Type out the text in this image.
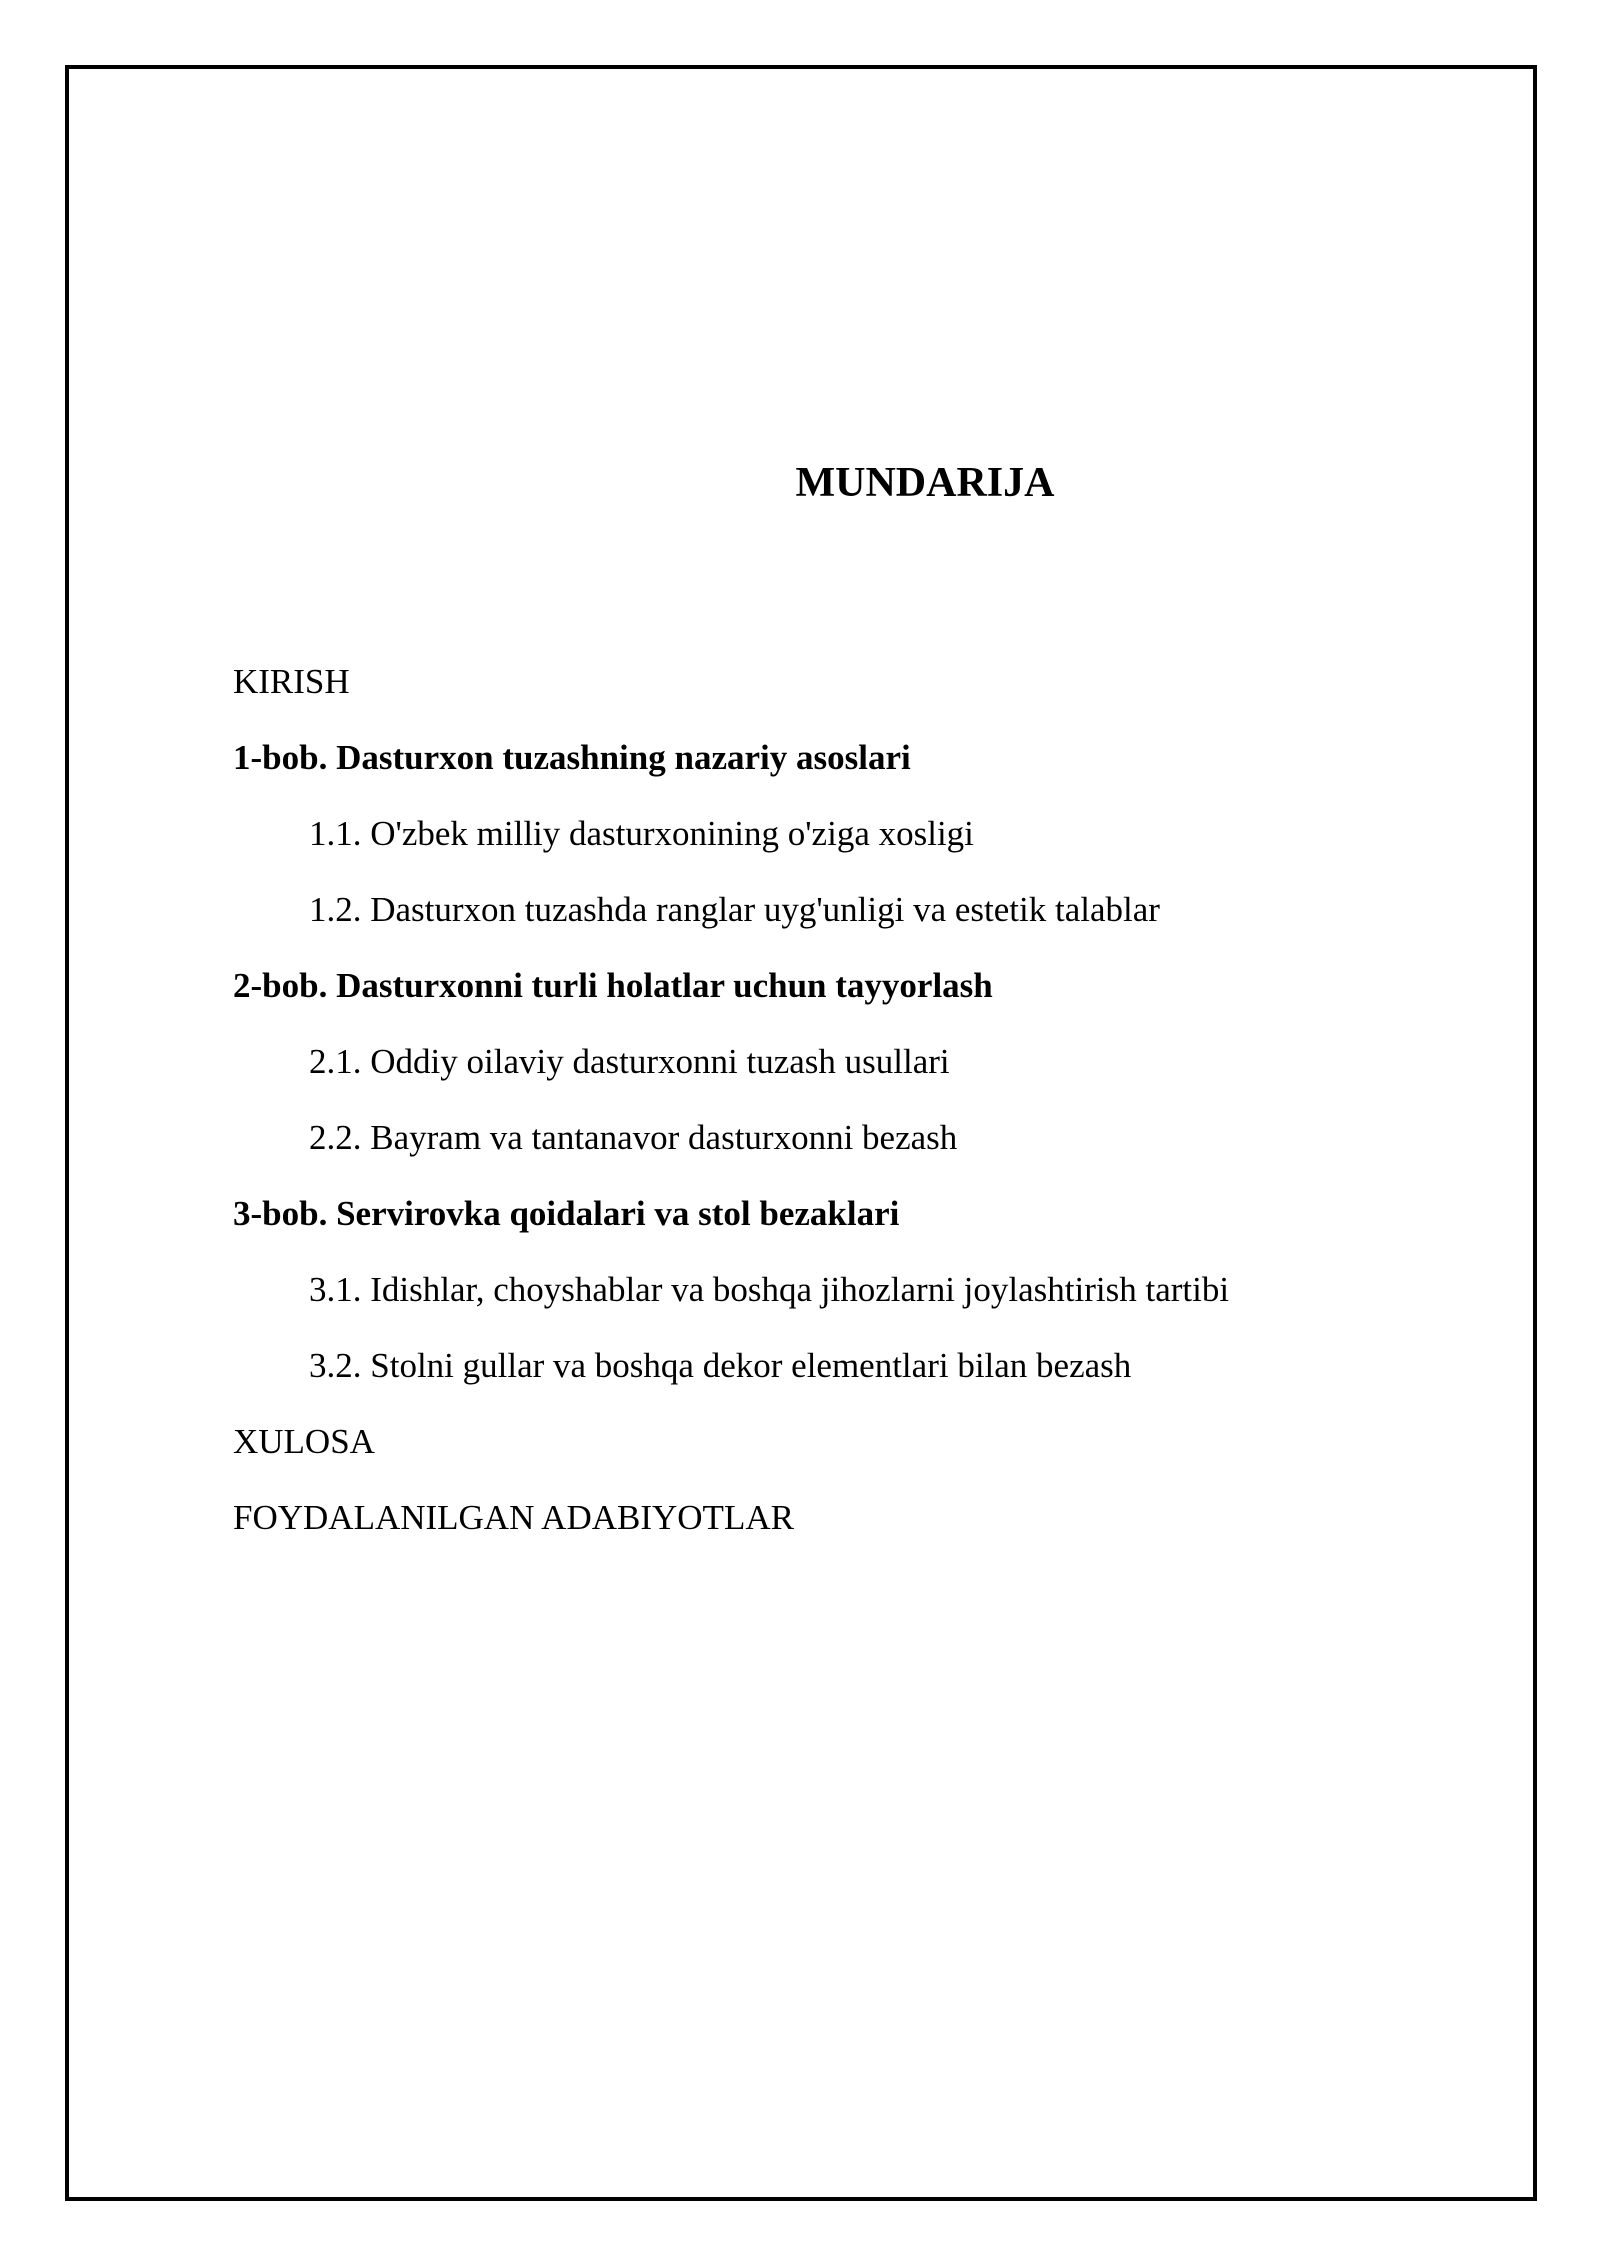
MUNDARIJA
KIRISH
1-bob. Dasturxon tuzashning nazariy asoslari
1.1. O'zbek milliy dasturxonining o'ziga xosligi
1.2. Dasturxon tuzashda ranglar uyg'unligi va estetik talablar
2-bob. Dasturxonni turli holatlar uchun tayyorlash
2.1. Oddiy oilaviy dasturxonni tuzash usullari
2.2. Bayram va tantanavor dasturxonni bezash
3-bob. Servirovka qoidalari va stol bezaklari
3.1. Idishlar, choyshablar va boshqa jihozlarni joylashtirish tartibi
3.2. Stolni gullar va boshqa dekor elementlari bilan bezash
XULOSA
FOYDALANILGAN ADABIYOTLAR
